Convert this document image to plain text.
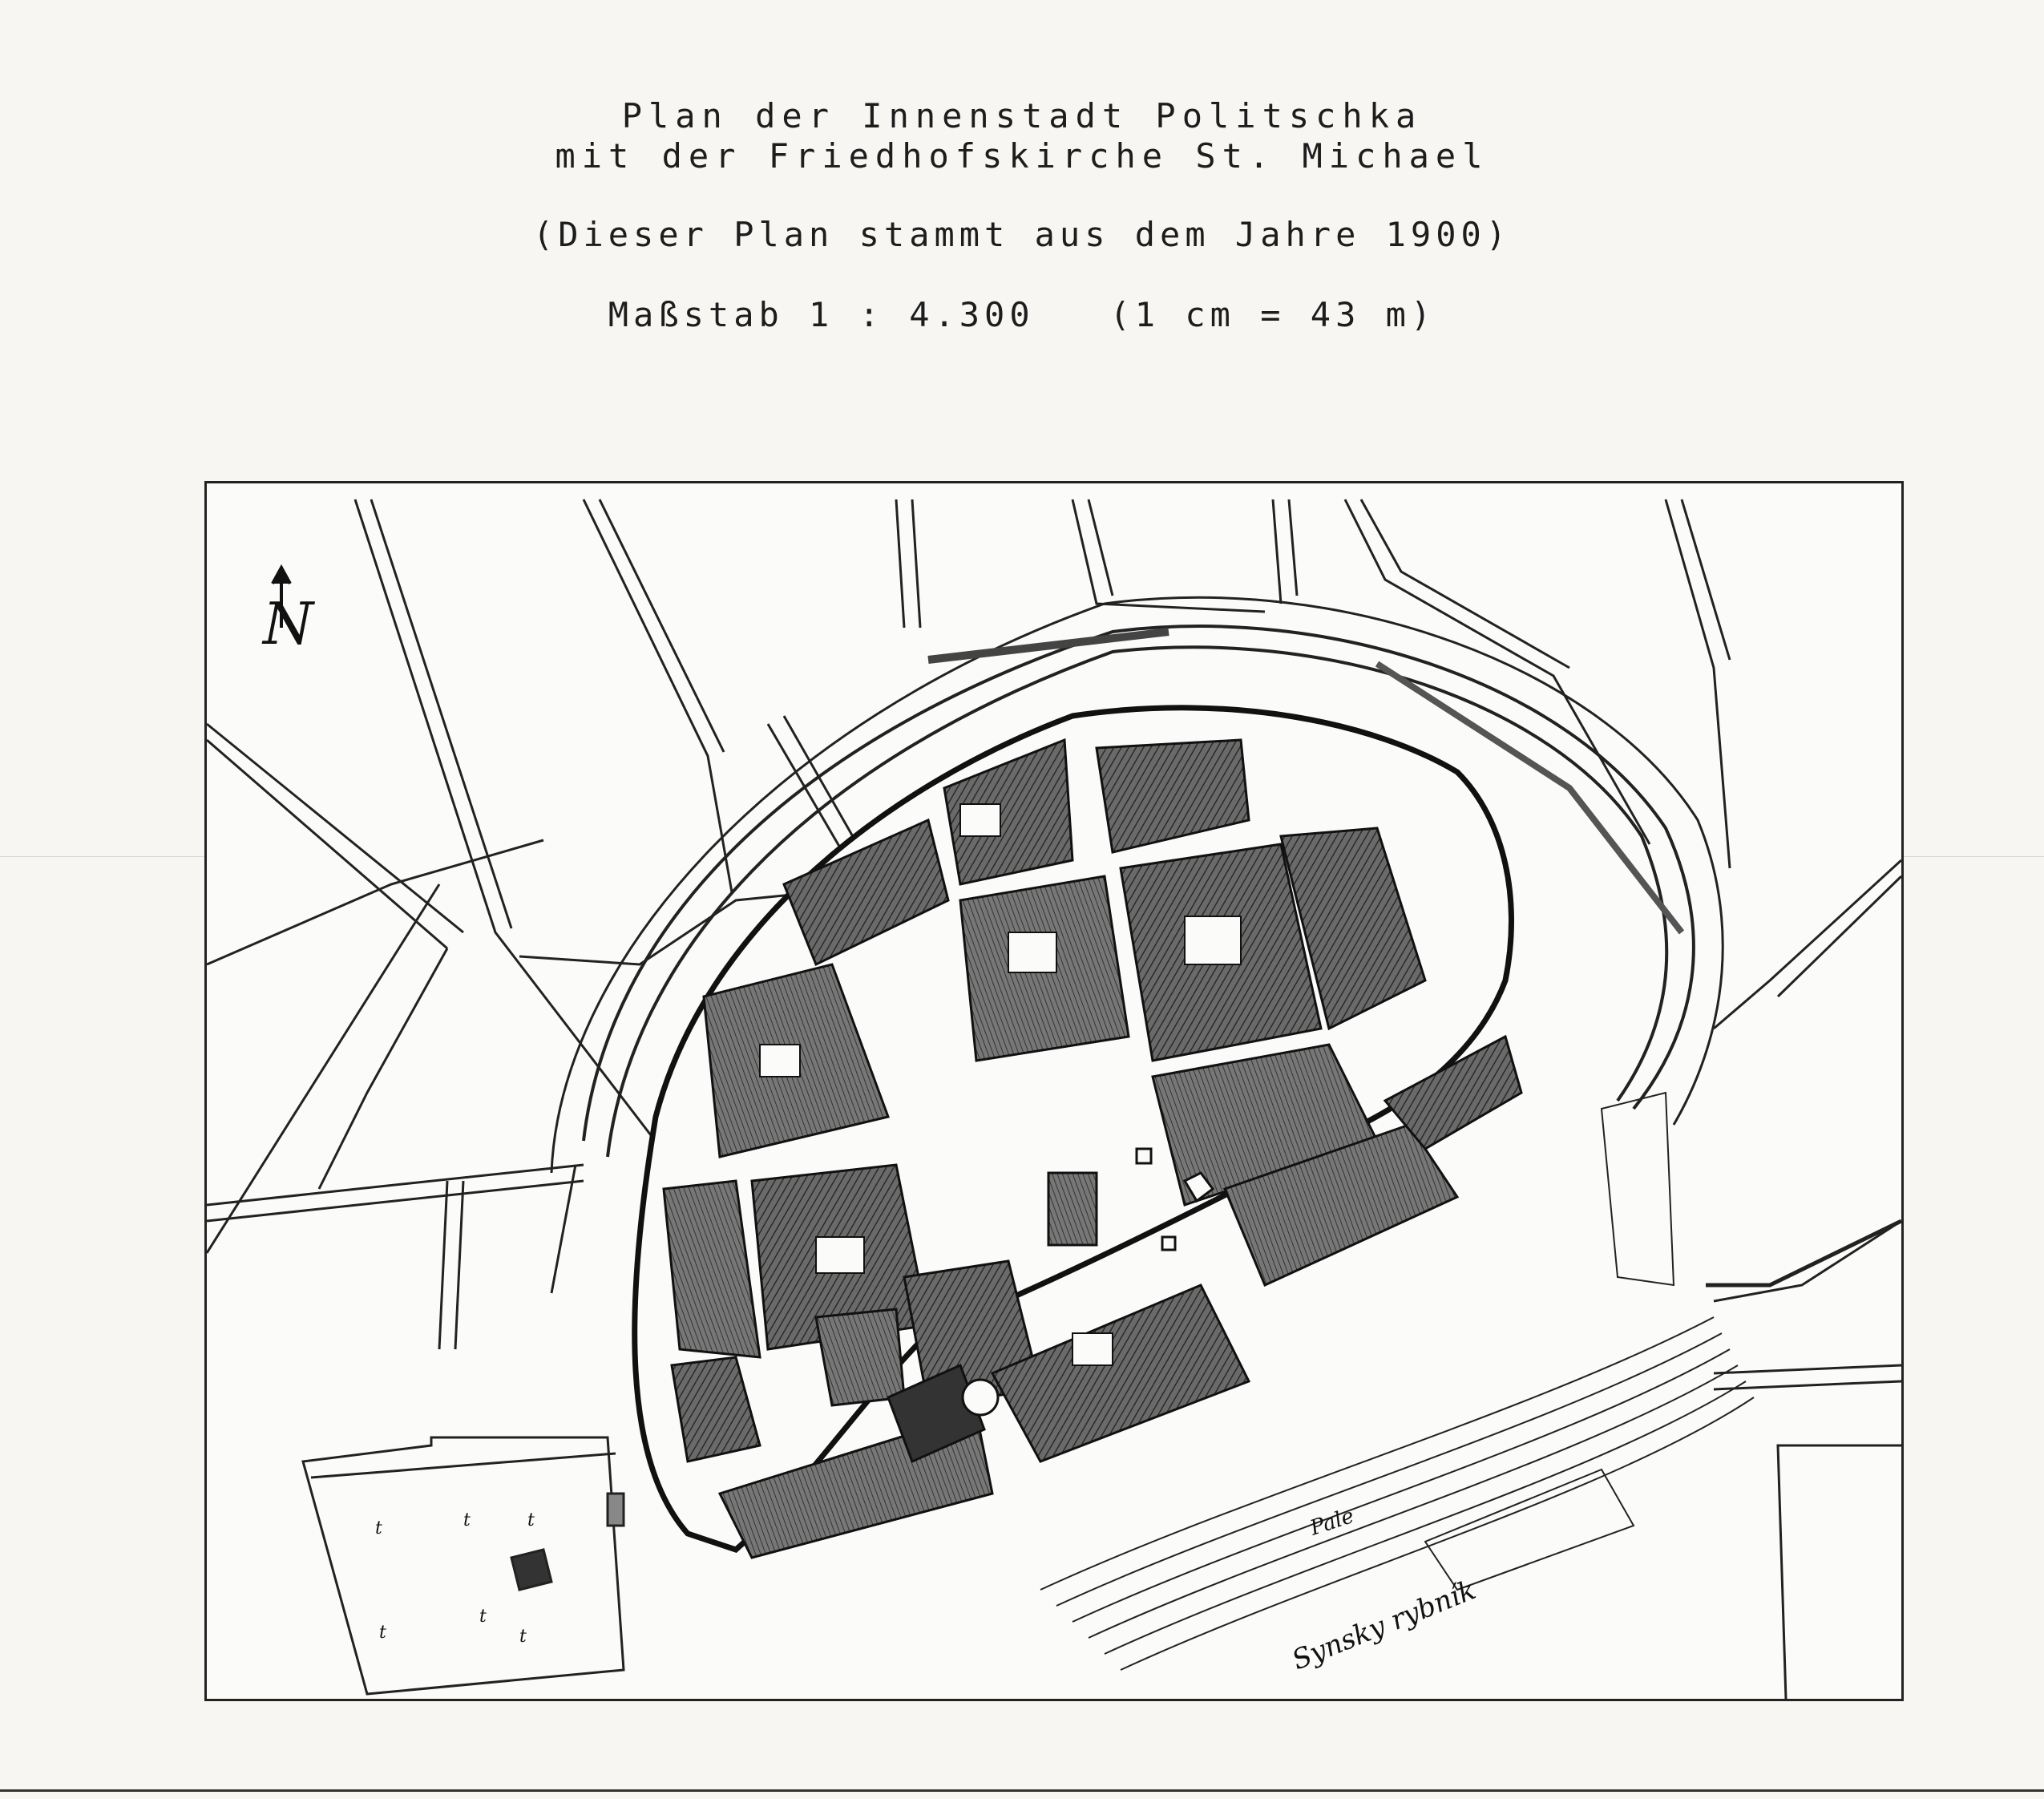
Plan der Innenstadt Politschka

mit der Friedhofskirche St. Michael

(Dieser Plan stammt aus dem Jahre 1900)

Maßstab 1 : 4.300   (1 cm = 43 m)

t	t	t
t
t	t
N
Pale
Synsky rybník
